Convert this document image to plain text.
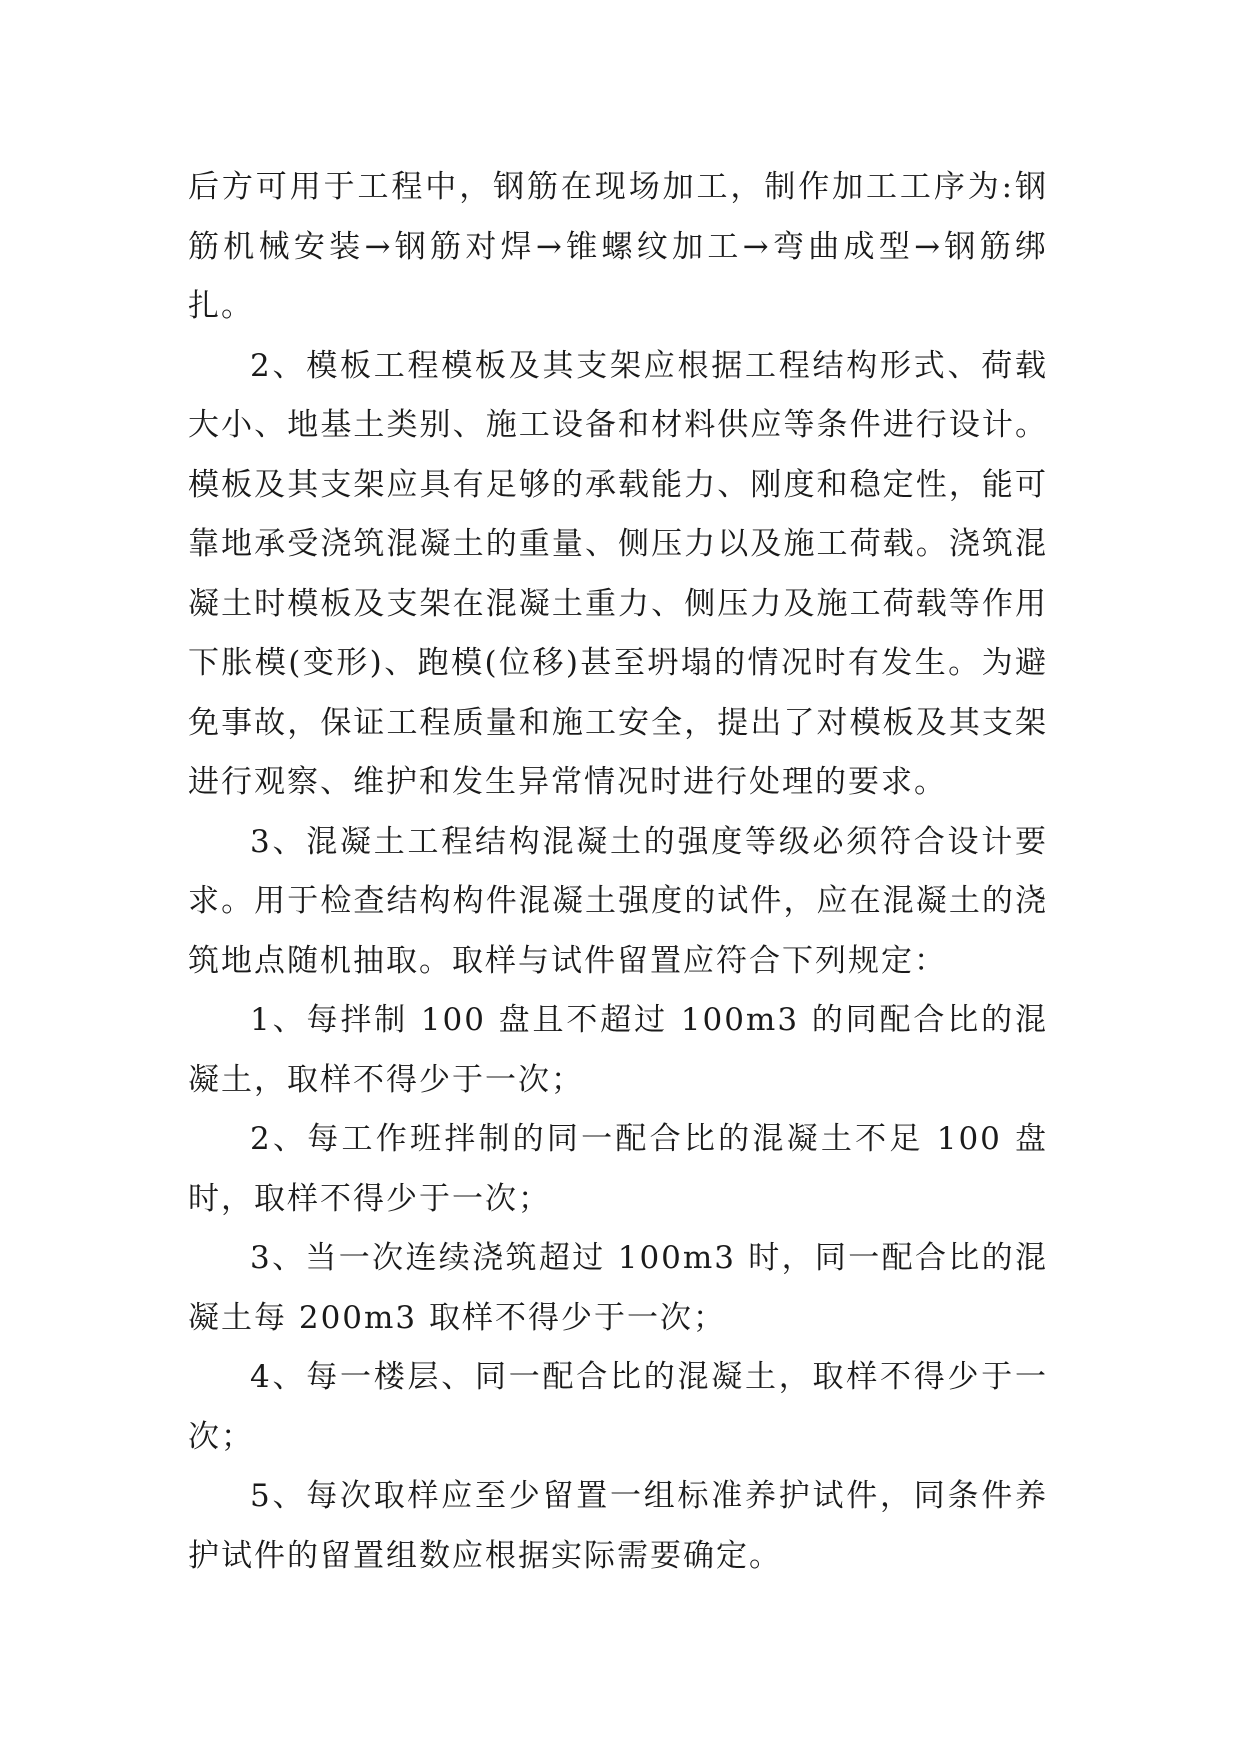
后方可用于工程中，钢筋在现场加工，制作加工工序为:钢筋机械安装→钢筋对焊→锥螺纹加工→弯曲成型→钢筋绑扎。

2、模板工程模板及其支架应根据工程结构形式、荷载大小、地基土类别、施工设备和材料供应等条件进行设计。模板及其支架应具有足够的承载能力、刚度和稳定性，能可靠地承受浇筑混凝土的重量、侧压力以及施工荷载。浇筑混凝土时模板及支架在混凝土重力、侧压力及施工荷载等作用下胀模(变形)、跑模(位移)甚至坍塌的情况时有发生。为避免事故，保证工程质量和施工安全，提出了对模板及其支架进行观察、维护和发生异常情况时进行处理的要求。

3、混凝土工程结构混凝土的强度等级必须符合设计要求。用于检查结构构件混凝土强度的试件，应在混凝土的浇筑地点随机抽取。取样与试件留置应符合下列规定：

1、每拌制 100 盘且不超过 100m3 的同配合比的混凝土，取样不得少于一次；

2、每工作班拌制的同一配合比的混凝土不足 100 盘时，取样不得少于一次；

3、当一次连续浇筑超过 100m3 时，同一配合比的混凝土每 200m3 取样不得少于一次；

4、每一楼层、同一配合比的混凝土，取样不得少于一次；

5、每次取样应至少留置一组标准养护试件，同条件养护试件的留置组数应根据实际需要确定。
